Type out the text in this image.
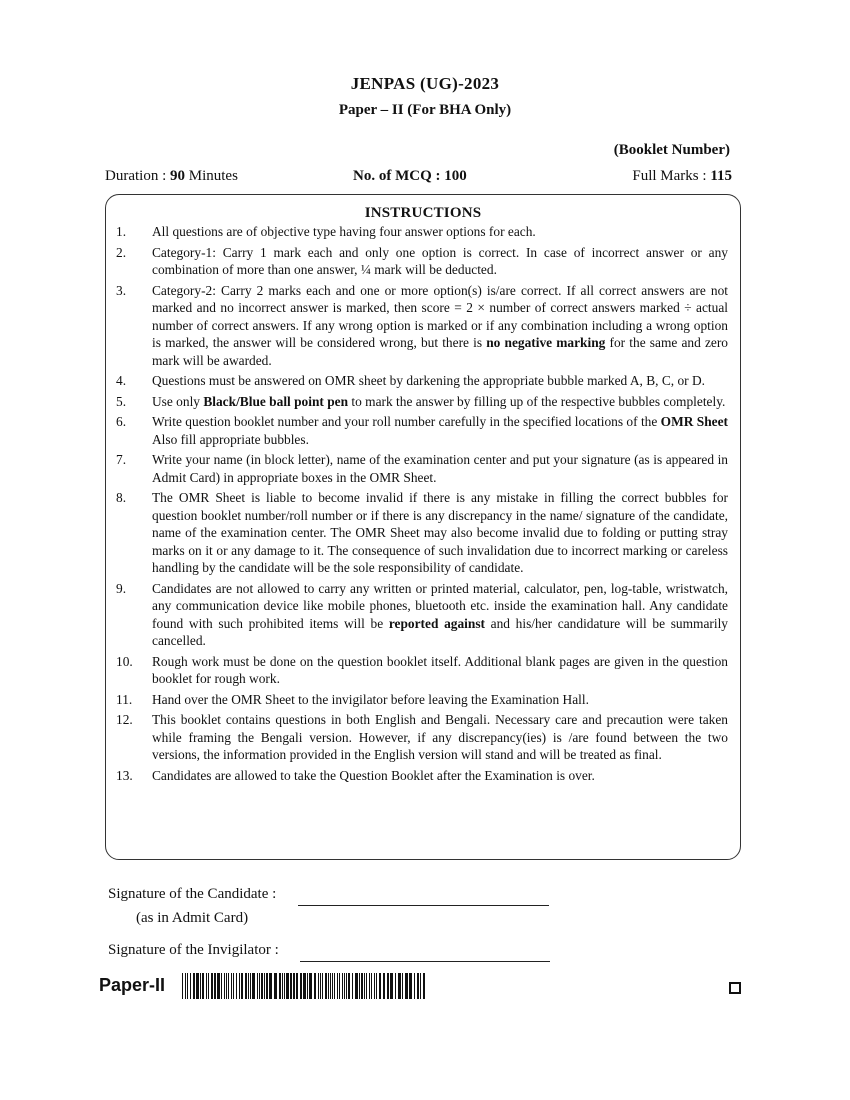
JENPAS (UG)-2023
Paper – II (For BHA Only)
(Booklet Number)
Duration : 90 Minutes	No. of MCQ : 100	Full Marks : 115
INSTRUCTIONS
1.	All questions are of objective type having four answer options for each.
2.	Category-1: Carry 1 mark each and only one option is correct. In case of incorrect answer or any combination of more than one answer, ¼ mark will be deducted.
3.	Category-2: Carry 2 marks each and one or more option(s) is/are correct. If all correct answers are not marked and no incorrect answer is marked, then score = 2 × number of correct answers marked ÷ actual number of correct answers. If any wrong option is marked or if any combination including a wrong option is marked, the answer will be considered wrong, but there is no negative marking for the same and zero mark will be awarded.
4.	Questions must be answered on OMR sheet by darkening the appropriate bubble marked A, B, C, or D.
5.	Use only Black/Blue ball point pen to mark the answer by filling up of the respective bubbles completely.
6.	Write question booklet number and your roll number carefully in the specified locations of the OMR Sheet Also fill appropriate bubbles.
7.	Write your name (in block letter), name of the examination center and put your signature (as is appeared in Admit Card) in appropriate boxes in the OMR Sheet.
8.	The OMR Sheet is liable to become invalid if there is any mistake in filling the correct bubbles for question booklet number/roll number or if there is any discrepancy in the name/ signature of the candidate, name of the examination center. The OMR Sheet may also become invalid due to folding or putting stray marks on it or any damage to it. The consequence of such invalidation due to incorrect marking or careless handling by the candidate will be the sole responsibility of candidate.
9.	Candidates are not allowed to carry any written or printed material, calculator, pen, log-table, wristwatch, any communication device like mobile phones, bluetooth etc. inside the examination hall. Any candidate found with such prohibited items will be reported against and his/her candidature will be summarily cancelled.
10.	Rough work must be done on the question booklet itself. Additional blank pages are given in the question booklet for rough work.
11.	Hand over the OMR Sheet to the invigilator before leaving the Examination Hall.
12.	This booklet contains questions in both English and Bengali. Necessary care and precaution were taken while framing the Bengali version. However, if any discrepancy(ies) is /are found between the two versions, the information provided in the English version will stand and will be treated as final.
13.	Candidates are allowed to take the Question Booklet after the Examination is over.
Signature of the Candidate :
(as in Admit Card)
Signature of the Invigilator :
Paper-II
